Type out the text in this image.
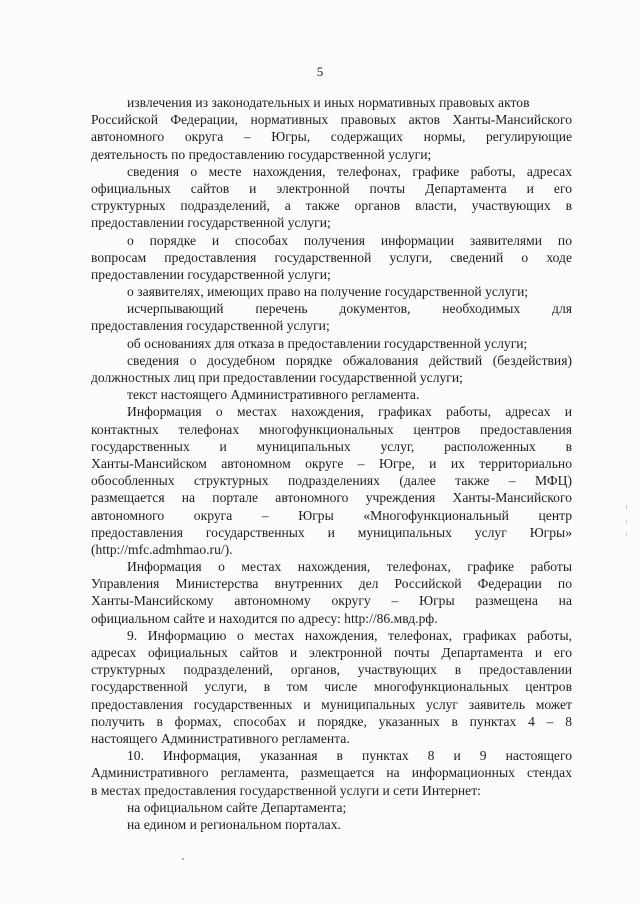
5
извлечения из законодательных и иных нормативных правовых актов
Российской Федерации, нормативных правовых актов Ханты-Мансийского
автономного округа – Югры, содержащих нормы, регулирующие
деятельность по предоставлению государственной услуги;
сведения о месте нахождения, телефонах, графике работы, адресах
официальных сайтов и электронной почты Департамента и его
структурных подразделений, а также органов власти, участвующих в
предоставлении государственной услуги;
о порядке и способах получения информации заявителями по
вопросам предоставления государственной услуги, сведений о ходе
предоставлении государственной услуги;
о заявителях, имеющих право на получение государственной услуги;
исчерпывающий перечень документов, необходимых для
предоставления государственной услуги;
об основаниях для отказа в предоставлении государственной услуги;
сведения о досудебном порядке обжалования действий (бездействия)
должностных лиц при предоставлении государственной услуги;
текст настоящего Административного регламента.
Информация о местах нахождения, графиках работы, адресах и
контактных телефонах многофункциональных центров предоставления
государственных и муниципальных услуг, расположенных в
Ханты-Мансийском автономном округе – Югре, и их территориально
обособленных структурных подразделениях (далее также – МФЦ)
размещается на портале автономного учреждения Ханты-Мансийского
автономного округа – Югры «Многофункциональный центр
предоставления государственных и муниципальных услуг Югры»
(http://mfc.admhmao.ru/).
Информация о местах нахождения, телефонах, графике работы
Управления Министерства внутренних дел Российской Федерации по
Ханты-Мансийскому автономному округу – Югры размещена на
официальном сайте и находится по адресу: http://86.мвд.рф.
9. Информацию о местах нахождения, телефонах, графиках работы,
адресах официальных сайтов и электронной почты Департамента и его
структурных подразделений, органов, участвующих в предоставлении
государственной услуги, в том числе многофункциональных центров
предоставления государственных и муниципальных услуг заявитель может
получить в формах, способах и порядке, указанных в пунктах 4 – 8
настоящего Административного регламента.
10. Информация, указанная в пунктах 8 и 9 настоящего
Административного регламента, размещается на информационных стендах
в местах предоставления государственной услуги и сети Интернет:
на официальном сайте Департамента;
на едином и региональном порталах.
